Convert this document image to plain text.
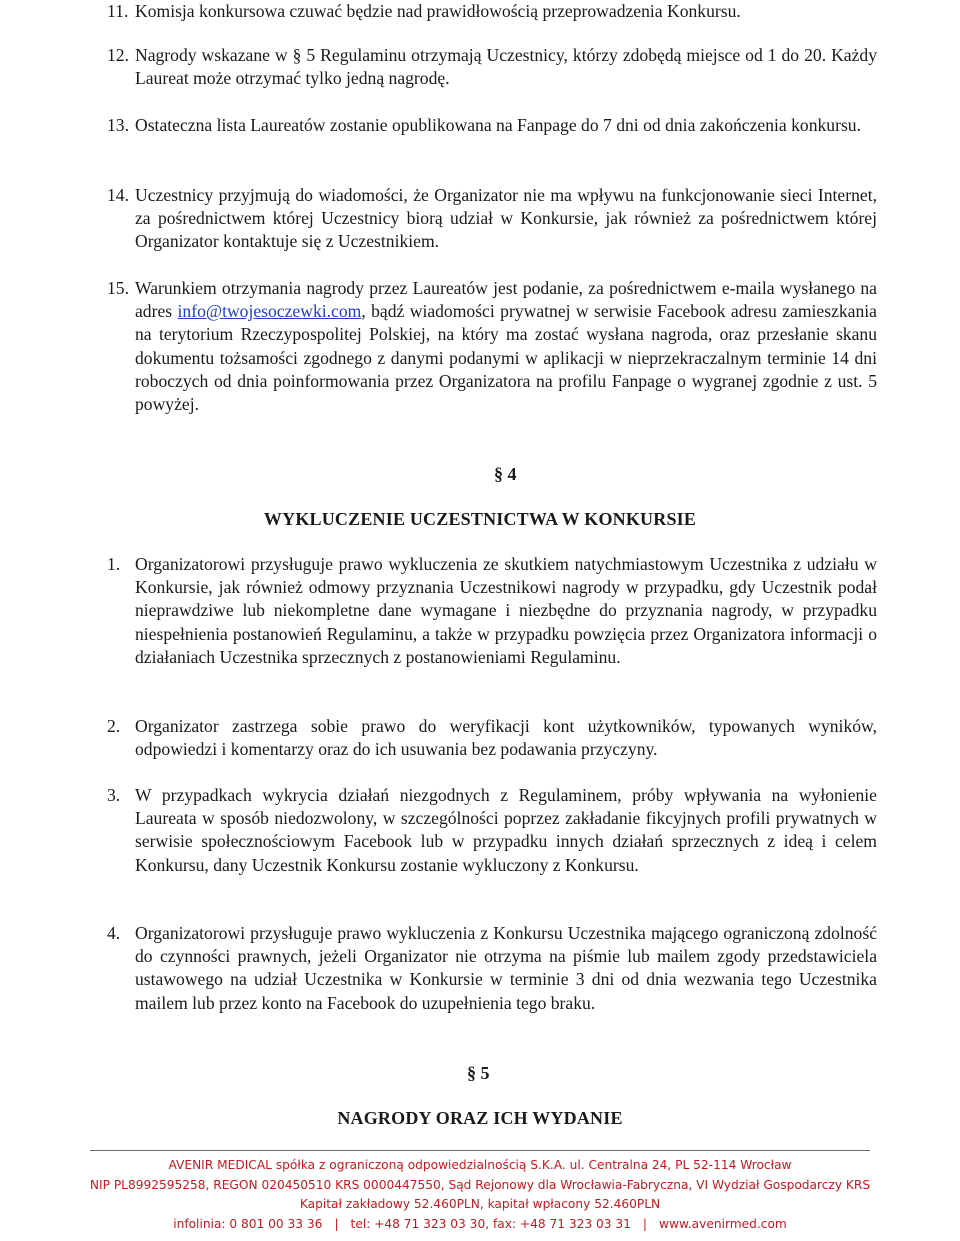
11. Komisja konkursowa czuwać będzie nad prawidłowością przeprowadzenia Konkursu.
12. Nagrody wskazane w § 5 Regulaminu otrzymają Uczestnicy, którzy zdobędą miejsce od 1 do 20. Każdy Laureat może otrzymać tylko jedną nagrodę.
13. Ostateczna lista Laureatów zostanie opublikowana na Fanpage do 7 dni od dnia zakończenia konkursu.
14. Uczestnicy przyjmują do wiadomości, że Organizator nie ma wpływu na funkcjonowanie sieci Internet, za pośrednictwem której Uczestnicy biorą udział w Konkursie, jak również za pośrednictwem której Organizator kontaktuje się z Uczestnikiem.
15. Warunkiem otrzymania nagrody przez Laureatów jest podanie, za pośrednictwem e-maila wysłanego na adres info@twojesoczewki.com, bądź wiadomości prywatnej w serwisie Facebook adresu zamieszkania na terytorium Rzeczypospolitej Polskiej, na który ma zostać wysłana nagroda, oraz przesłanie skanu dokumentu tożsamości zgodnego z danymi podanymi w aplikacji w nieprzekraczalnym terminie 14 dni roboczych od dnia poinformowania przez Organizatora na profilu Fanpage o wygranej zgodnie z ust. 5 powyżej.
§ 4
WYKLUCZENIE UCZESTNICTWA W KONKURSIE
1. Organizatorowi przysługuje prawo wykluczenia ze skutkiem natychmiastowym Uczestnika z udziału w Konkursie, jak również odmowy przyznania Uczestnikowi nagrody w przypadku, gdy Uczestnik podał nieprawdziwe lub niekompletne dane wymagane i niezbędne do przyznania nagrody, w przypadku niespełnienia postanowień Regulaminu, a także w przypadku powzięcia przez Organizatora informacji o działaniach Uczestnika sprzecznych z postanowieniami Regulaminu.
2. Organizator zastrzega sobie prawo do weryfikacji kont użytkowników, typowanych wyników, odpowiedzi i komentarzy oraz do ich usuwania bez podawania przyczyny.
3. W przypadkach wykrycia działań niezgodnych z Regulaminem, próby wpływania na wyłonienie Laureata w sposób niedozwolony, w szczególności poprzez zakładanie fikcyjnych profili prywatnych w serwisie społecznościowym Facebook lub w przypadku innych działań sprzecznych z ideą i celem Konkursu, dany Uczestnik Konkursu zostanie wykluczony z Konkursu.
4. Organizatorowi przysługuje prawo wykluczenia z Konkursu Uczestnika mającego ograniczoną zdolność do czynności prawnych, jeżeli Organizator nie otrzyma na piśmie lub mailem zgody przedstawiciela ustawowego na udział Uczestnika w Konkursie w terminie 3 dni od dnia wezwania tego Uczestnika mailem lub przez konto na Facebook do uzupełnienia tego braku.
§ 5
NAGRODY ORAZ ICH WYDANIE
AVENIR MEDICAL spółka z ograniczoną odpowiedzialnością S.K.A. ul. Centralna 24, PL 52-114 Wrocław
NIP PL8992595258, REGON 020450510 KRS 0000447550, Sąd Rejonowy dla Wrocławia-Fabryczna, VI Wydział Gospodarczy KRS
Kapitał zakładowy 52.460PLN, kapitał wpłacony 52.460PLN
infolinia: 0 801 00 33 36 | tel: +48 71 323 03 30, fax: +48 71 323 03 31 | www.avenirmed.com
